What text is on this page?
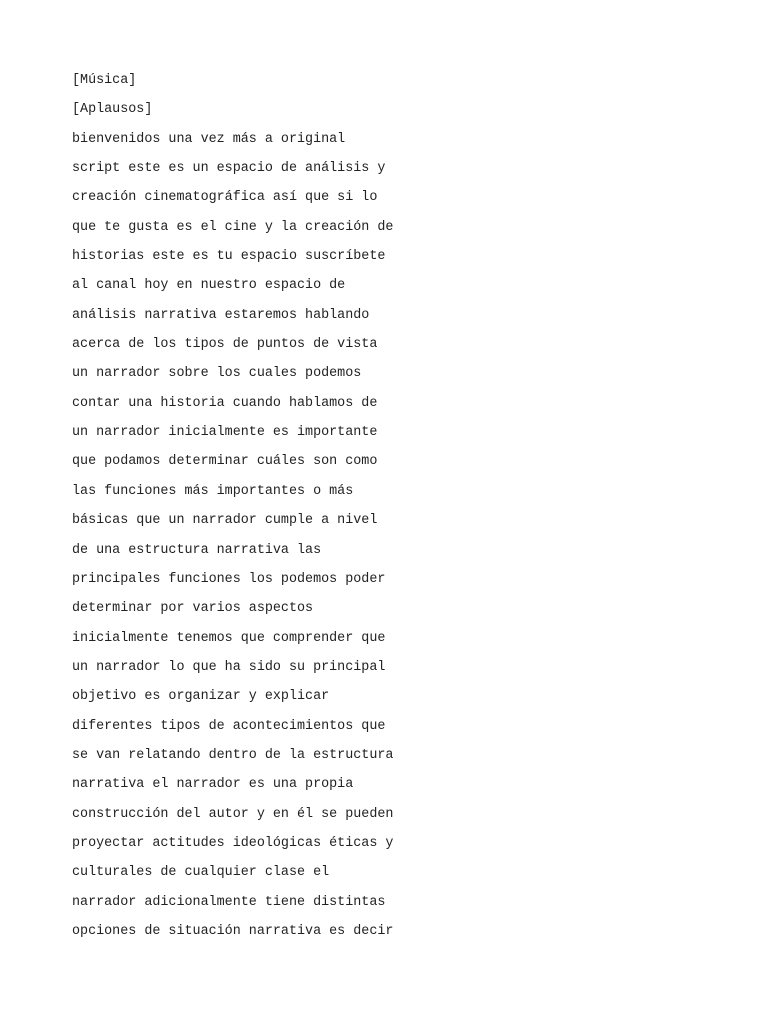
[Música]
[Aplausos]
bienvenidos una vez más a original
script este es un espacio de análisis y
creación cinematográfica así que si lo
que te gusta es el cine y la creación de
historias este es tu espacio suscríbete
al canal hoy en nuestro espacio de
análisis narrativa estaremos hablando
acerca de los tipos de puntos de vista
un narrador sobre los cuales podemos
contar una historia cuando hablamos de
un narrador inicialmente es importante
que podamos determinar cuáles son como
las funciones más importantes o más
básicas que un narrador cumple a nivel
de una estructura narrativa las
principales funciones los podemos poder
determinar por varios aspectos
inicialmente tenemos que comprender que
un narrador lo que ha sido su principal
objetivo es organizar y explicar
diferentes tipos de acontecimientos que
se van relatando dentro de la estructura
narrativa el narrador es una propia
construcción del autor y en él se pueden
proyectar actitudes ideológicas éticas y
culturales de cualquier clase el
narrador adicionalmente tiene distintas
opciones de situación narrativa es decir
